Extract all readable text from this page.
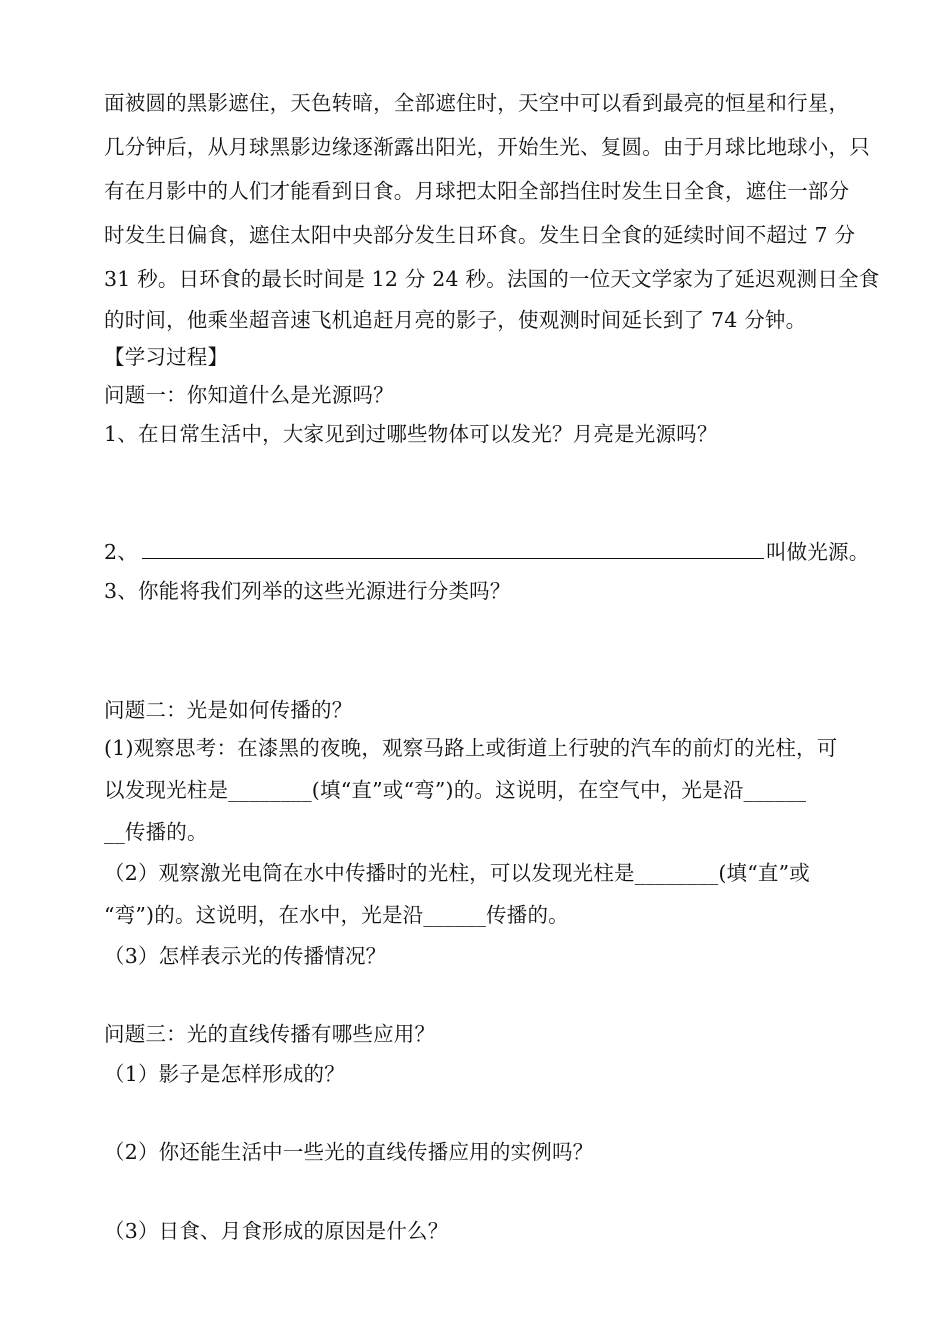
面被圆的黑影遮住，天色转暗，全部遮住时，天空中可以看到最亮的恒星和行星，
几分钟后，从月球黑影边缘逐渐露出阳光，开始生光、复圆。由于月球比地球小，只
有在月影中的人们才能看到日食。月球把太阳全部挡住时发生日全食，遮住一部分
时发生日偏食，遮住太阳中央部分发生日环食。发生日全食的延续时间不超过 7 分
31 秒。日环食的最长时间是 12 分 24 秒。法国的一位天文学家为了延迟观测日全食
的时间，他乘坐超音速飞机追赶月亮的影子，使观测时间延长到了 74 分钟。
【学习过程】
问题一：你知道什么是光源吗？
1、在日常生活中，大家见到过哪些物体可以发光？月亮是光源吗？
2、	叫做光源。
3、你能将我们列举的这些光源进行分类吗？
问题二：光是如何传播的？
(1)观察思考：在漆黑的夜晚，观察马路上或街道上行驶的汽车的前灯的光柱，可
以发现光柱是________(填“直”或“弯”)的。这说明，在空气中，光是沿______
__传播的。
（2）观察激光电筒在水中传播时的光柱，可以发现光柱是________(填“直”或
“弯”)的。这说明，在水中，光是沿______传播的。
（3）怎样表示光的传播情况？
问题三：光的直线传播有哪些应用？
（1）影子是怎样形成的？
（2）你还能生活中一些光的直线传播应用的实例吗？
（3）日食、月食形成的原因是什么？
